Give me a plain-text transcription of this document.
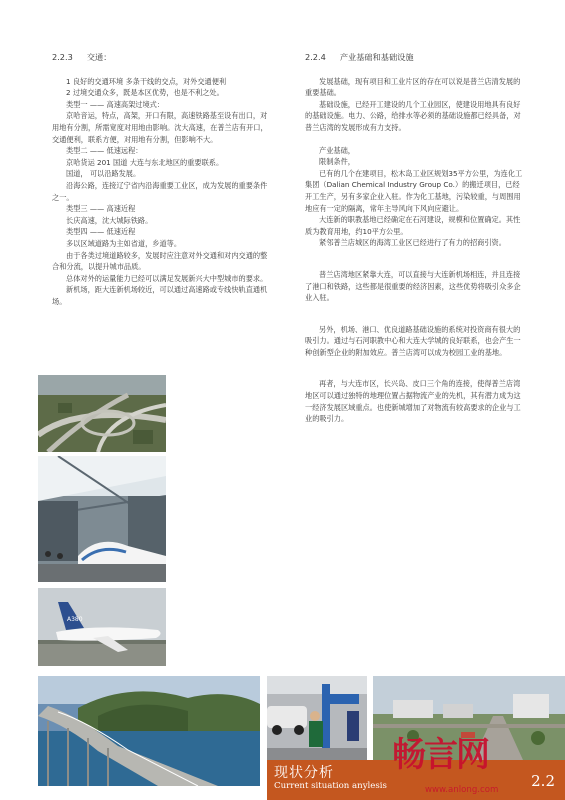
2.2.3 交通：

1 良好的交通环境 多条干线的交点，对外交通便利

2 过境交通众多，既是本区优势，也是不利之处。

类型一 —— 高速高架过境式：

京哈音运，特点，高架，开口有限，高速铁路基至设有出口，对用地有分割，所需宽度对用地由影响。沈大高速，在普兰店有开口，交通便利，联系方便，对用地有分割，但影响不大。

类型二 —— 低速远程：

京哈货运 201 国道 大连与东北地区的重要联系。

国道， 可以沿路发展。

沿海公路，连接辽宁省内沿海重要工业区，成为发展的重要条件之一。

类型三 —— 高速近程

长庆高速，沈大城际铁路。

类型四 —— 低速近程

多以区域道路为主如省道，乡道等。

由于各类过境道路较多，发展时应注意对外交通和对内交通的整合和分流，以提升城市品质。

总体对外的运量能力已经可以满足发展新兴大中型城市的要求。

新机场，距大连新机场较近，可以通过高速路或专线快轨直通机场。

2.2.4 产业基础和基础设施

发展基础，现有项目和工业片区的存在可以说是普兰店清发展的重要基础。

基础设施，已经开工建设的几个工业园区，使建设用地具有良好的基础设施。电力、公路，给排水等必须的基础设施都已经具备，对普兰店湾的发展形成有力支持。

产业基础，

限制条件，

已有的几个在建项目，松木岛工业区规划35平方公里，为连化工集团（Dalian Chemical Industry Group Co.）的搬迁项目，已经开工生产，另有多家企业入驻。作为化工基地，污染较重，与周围用地应有一定的隔离，常年主导风向下风向应避让。

大连新的职教基地已经确定在石河建设，规模和位置确定。其性质为教育用地，约10平方公里。

紧邻普兰店城区的海湾工业区已经进行了有力的招商引资。

普兰店湾地区紧靠大连，可以直接与大连新机场相连，并且连接了港口和铁路，这些都是很重要的经济因素，这些优势将吸引众多企业入驻。

另外，机场、港口、优良道路基础设施的系统对投资商有很大的吸引力。通过与石河职教中心和大连大学城的良好联系，也会产生一种创新型企业的附加效应。普兰店湾可以成为校园工业的基地。

再者，与大连市区，长兴岛、皮口三个角的连接，使得普兰店湾地区可以通过独特的地理位置占据物流产业的先机，其有潜力成为这一经济发展区域重点。也使新城增加了对物流有较高要求的企业与工业的吸引力。

A380
现状分析
Current situation anylesis	2.2
畅言网
www.anlong.com
